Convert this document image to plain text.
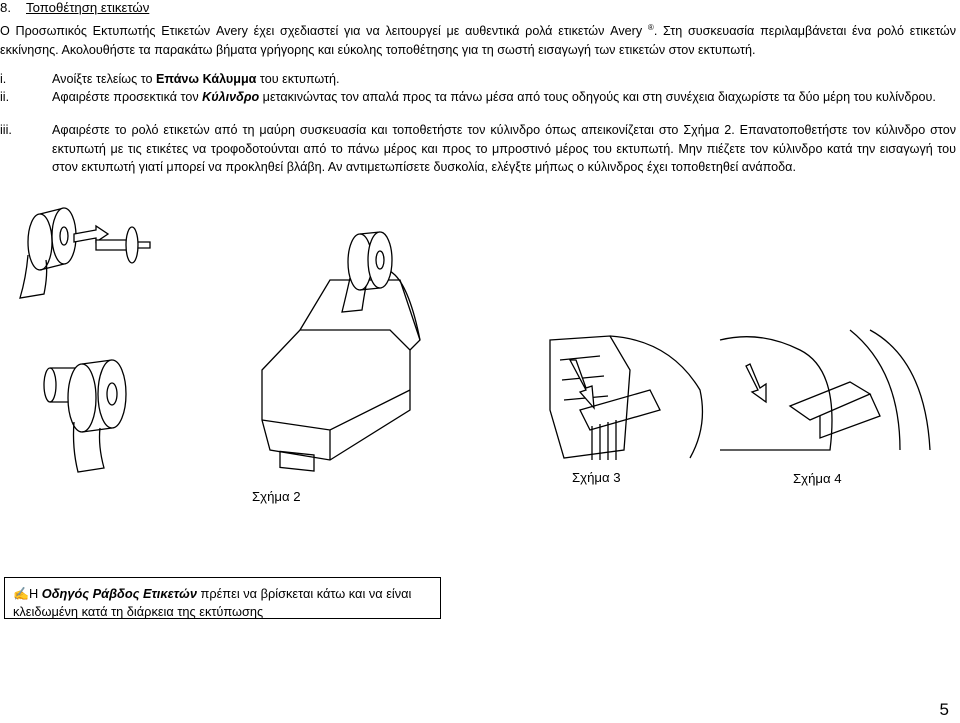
8. Τοποθέτηση ετικετών
Ο Προσωπικός Εκτυπωτής Ετικετών Avery έχει σχεδιαστεί για να λειτουργεί με αυθεντικά ρολά ετικετών Avery ®. Στη συσκευασία περιλαμβάνεται ένα ρολό ετικετών εκκίνησης. Ακολουθήστε τα παρακάτω βήματα γρήγορης και εύκολης τοποθέτησης για τη σωστή εισαγωγή των ετικετών στον εκτυπωτή.
i.	Ανοίξτε τελείως το Επάνω Κάλυμμα του εκτυπωτή.
ii.	Αφαιρέστε προσεκτικά τον Κύλινδρο μετακινώντας τον απαλά προς τα πάνω μέσα από τους οδηγούς και στη συνέχεια διαχωρίστε τα δύο μέρη του κυλίνδρου.
iii.	Αφαιρέστε το ρολό ετικετών από τη μαύρη συσκευασία και τοποθετήστε τον κύλινδρο όπως απεικονίζεται στο Σχήμα 2. Επανατοποθετήστε τον κύλινδρο στον εκτυπωτή με τις ετικέτες να τροφοδοτούνται από το πάνω μέρος και προς το μπροστινό μέρος του εκτυπωτή. Μην πιέζετε τον κύλινδρο κατά την εισαγωγή του στον εκτυπωτή γιατί μπορεί να προκληθεί βλάβη. Αν αντιμετωπίσετε δυσκολία, ελέγξτε μήπως ο κύλινδρος έχει τοποθετηθεί ανάποδα.
Σχήμα 2
Σχήμα 3	Σχήμα 4
✍Η Οδηγός Ράβδος Ετικετών πρέπει να βρίσκεται κάτω και να είναι κλειδωμένη κατά τη διάρκεια της εκτύπωσης
5
